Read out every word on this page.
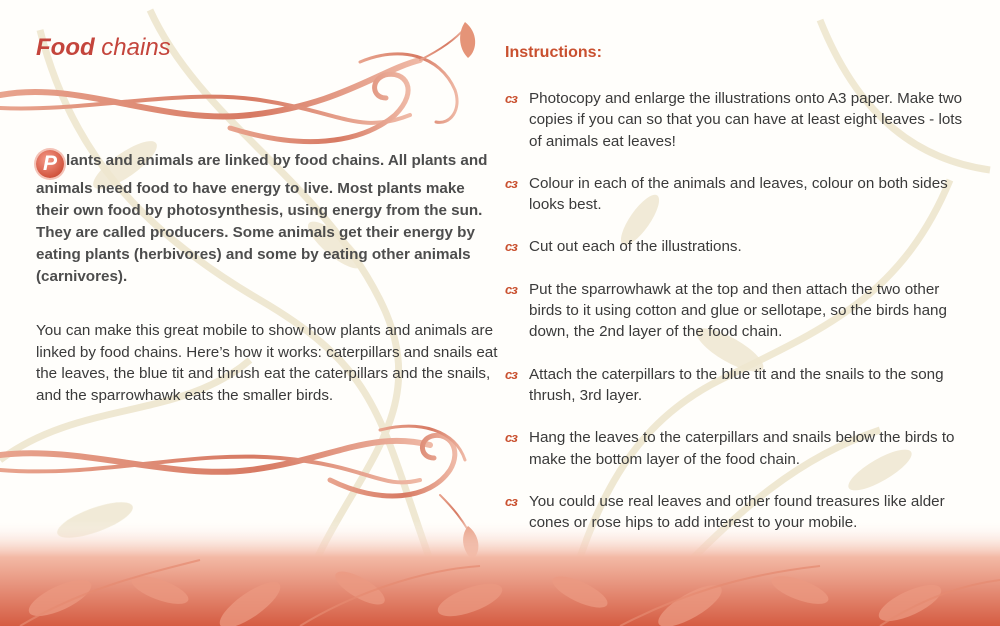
Food chains

P lants and animals are linked by food chains. All plants and animals need food to have energy to live. Most plants make their own food by photosynthesis, using energy from the sun. They are called producers. Some animals get their energy by eating plants (herbivores) and some by eating other animals (carnivores).

You can make this great mobile to show how plants and animals are linked by food chains. Here’s how it works: caterpillars and snails eat the leaves, the blue tit and thrush eat the caterpillars and the snails, and the sparrowhawk eats the smaller birds.

Instructions:
cз Photocopy and enlarge the illustrations onto A3 paper. Make two copies if you can so that you can have at least eight leaves - lots of animals eat leaves!
cз Colour in each of the animals and leaves, colour on both sides looks best.
cз Cut out each of the illustrations.
cз Put the sparrowhawk at the top and then attach the two other birds to it using cotton and glue or sellotape, so the birds hang down, the 2nd layer of the food chain.
cз Attach the caterpillars to the blue tit and the snails to the song thrush, 3rd layer.
cз Hang the leaves to the caterpillars and snails below the birds to make the bottom layer of the food chain.
cз You could use real leaves and other found treasures like alder cones or rose hips to add interest to your mobile.
